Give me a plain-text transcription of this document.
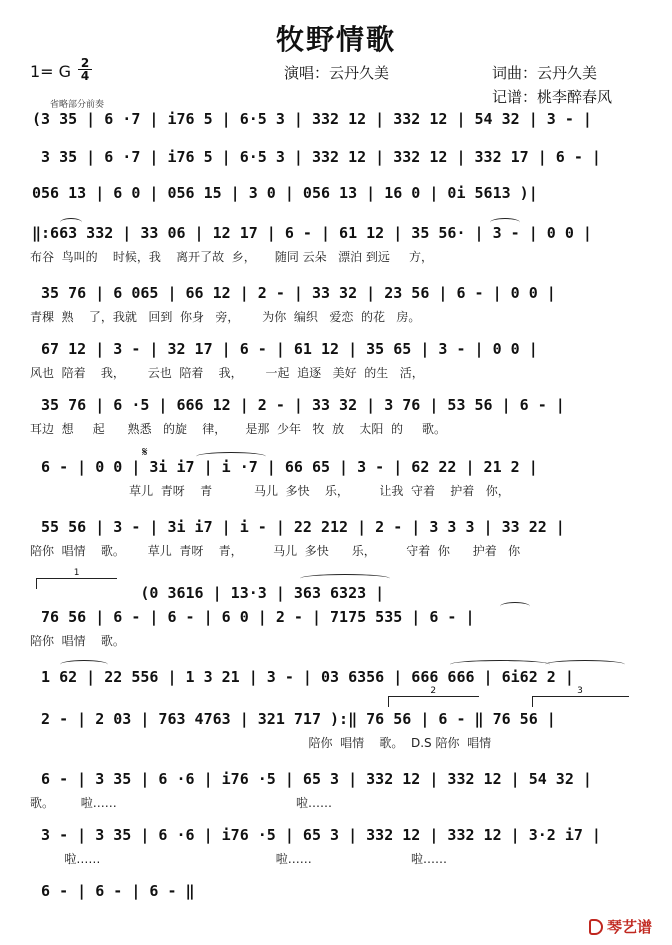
牧野情歌
1= G $\frac{2}{4}$	演唱：云丹久美	词曲：云丹久美
记谱：桃李醉春风
省略部分前奏
(3 35 | 6 ·7 | i76 5 | 6·5 3 | 332 12 | 332 12 | 54 32 | 3 - |
3 35 | 6 ·7 | i76 5 | 6·5 3 | 332 12 | 332 12 | 332 17 | 6 - |
056 13 | 6 0 | 056 15 | 3 0 | 056 13 | 16 0 | 0i 5613 )|
‖:663 332 | 33 06 | 12 17 | 6 - | 61 12 | 35 56· | 3 - | 0 0 |
布谷  鸟叫的    时候，我    离开了故  乡，     随同 云朵   漂泊 到远     方，
35 76 | 6 065 | 66 12 | 2 - | 33 32 | 23 56 | 6 - | 0 0 |
青稞  熟    了，我就   回到  你身   旁，      为你  编织   爱恋  的花   房。
67 12 | 3 - | 32 17 | 6 - | 61 12 | 35 65 | 3 - | 0 0 |
风也  陪着    我，      云也  陪着    我，      一起  追逐   美好  的生   活，
35 76 | 6 ·5 | 666 12 | 2 - | 33 32 | 3 76 | 53 56 | 6 - |
耳边  想     起      熟悉   的旋    律，     是那  少年   牧  放    太阳  的     歌。
6 - | 0 0 | 3i i7 | i ·7 | 66 65 | 3 - | 62 22 | 21 2 |
草儿  青呀    青           马儿  多快    乐，        让我  守着    护着   你，
𝄋
55 56 | 3 - | 3i i7 | i - | 22 212 | 2 - | 3 3 3 | 33 22 |
陪你  唱情    歌。      草儿  青呀    青，        马儿  多快      乐，        守着  你      护着   你
1
(0 3616 | 13·3 | 363 6323 |
76 56 | 6 - | 6 - | 6 0 | 2 - | 7175 535 | 6 - |
陪你  唱情    歌。
1 62 | 22 556 | 1 3 21 | 3 - | 03 6356 | 666 666 | 6i62 2 |
2	3
2 - | 2 03 | 763 4763 | 321 717 ):‖ 76 56 | 6 - ‖ 76 56 |
陪你  唱情    歌。  D.S 陪你  唱情
6 - | 3 35 | 6 ·6 | i76 ·5 | 65 3 | 332 12 | 332 12 | 54 32 |
歌。       啦……                                               啦……
3 - | 3 35 | 6 ·6 | i76 ·5 | 65 3 | 332 12 | 332 12 | 3·2 i7 |
啦……                                              啦……                          啦……
6 - | 6 - | 6 - ‖
琴艺谱
